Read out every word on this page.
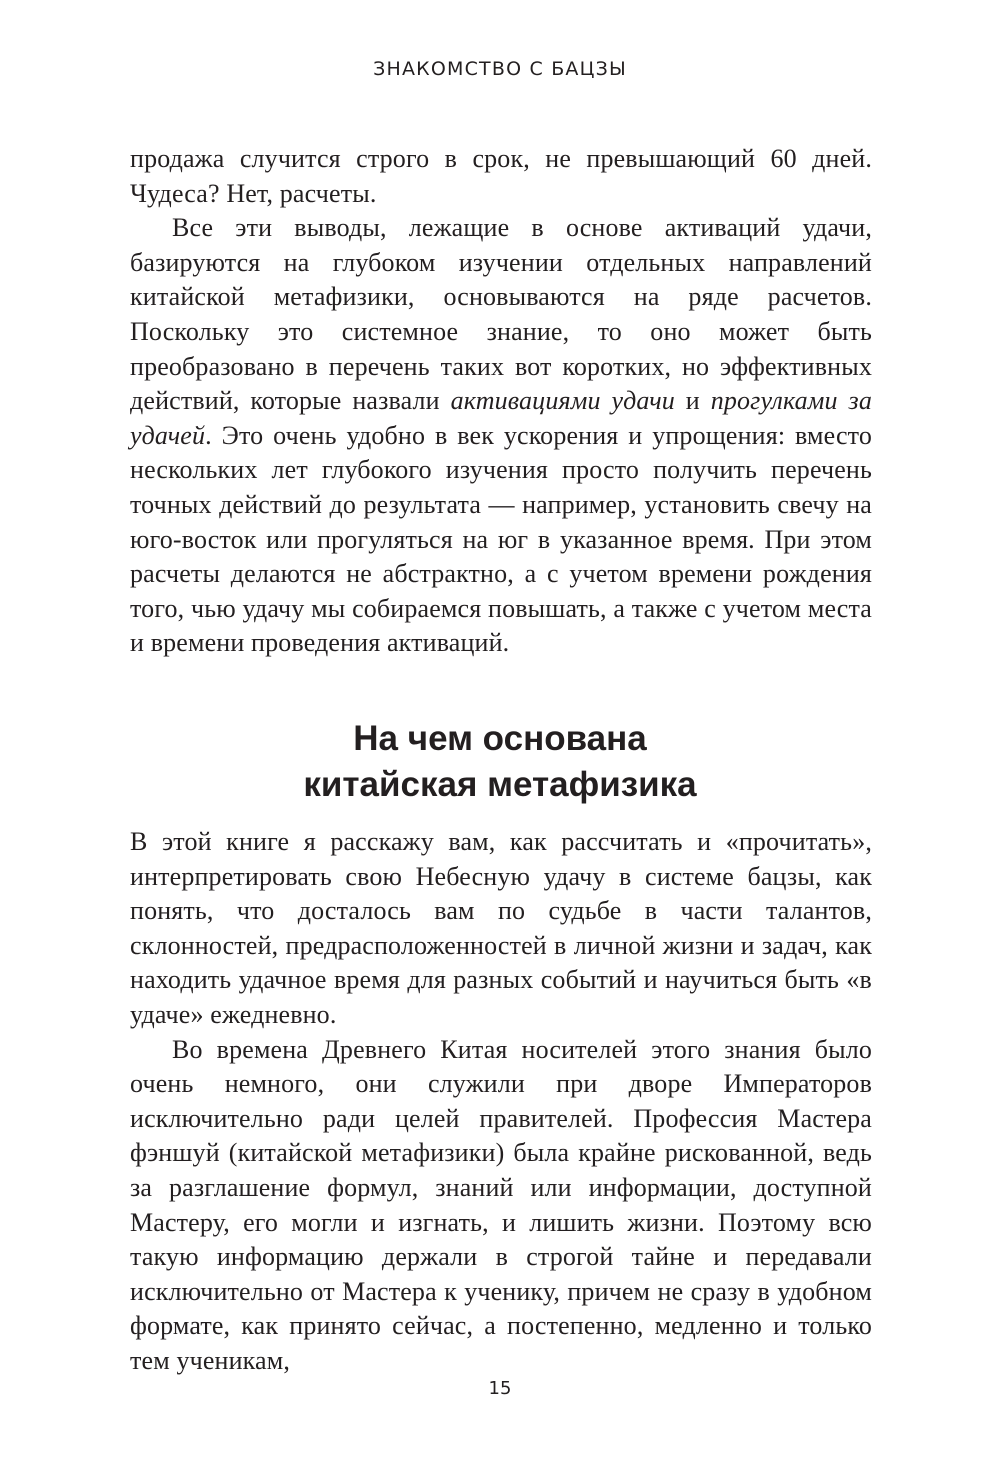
ЗНАКОМСТВО С БАЦЗЫ

продажа случится строго в срок, не превышающий 60 дней. Чудеса? Нет, расчеты.

Все эти выводы, лежащие в основе активаций удачи, базируются на глубоком изучении отдельных направлений китайской метафизики, основываются на ряде расчетов. Поскольку это системное знание, то оно может быть преобразовано в перечень таких вот коротких, но эффективных действий, которые назвали активациями удачи и прогулками за удачей. Это очень удобно в век ускорения и упрощения: вместо нескольких лет глубокого изучения просто получить перечень точных действий до результата — например, установить свечу на юго-восток или прогуляться на юг в указанное время. При этом расчеты делаются не абстрактно, а с учетом времени рождения того, чью удачу мы собираемся повышать, а также с учетом места и времени проведения активаций.

На чем основана
китайская метафизика

В этой книге я расскажу вам, как рассчитать и «прочитать», интерпретировать свою Небесную удачу в системе бацзы, как понять, что досталось вам по судьбе в части талантов, склонностей, предрасположенностей в личной жизни и задач, как находить удачное время для разных событий и научиться быть «в удаче» ежедневно.

Во времена Древнего Китая носителей этого знания было очень немного, они служили при дворе Императоров исключительно ради целей правителей. Профессия Мастера фэншуй (китайской метафизики) была крайне рискованной, ведь за разглашение формул, знаний или информации, доступной Мастеру, его могли и изгнать, и лишить жизни. Поэтому всю такую информацию держали в строгой тайне и передавали исключительно от Мастера к ученику, причем не сразу в удобном формате, как принято сейчас, а постепенно, медленно и только тем ученикам,

15
